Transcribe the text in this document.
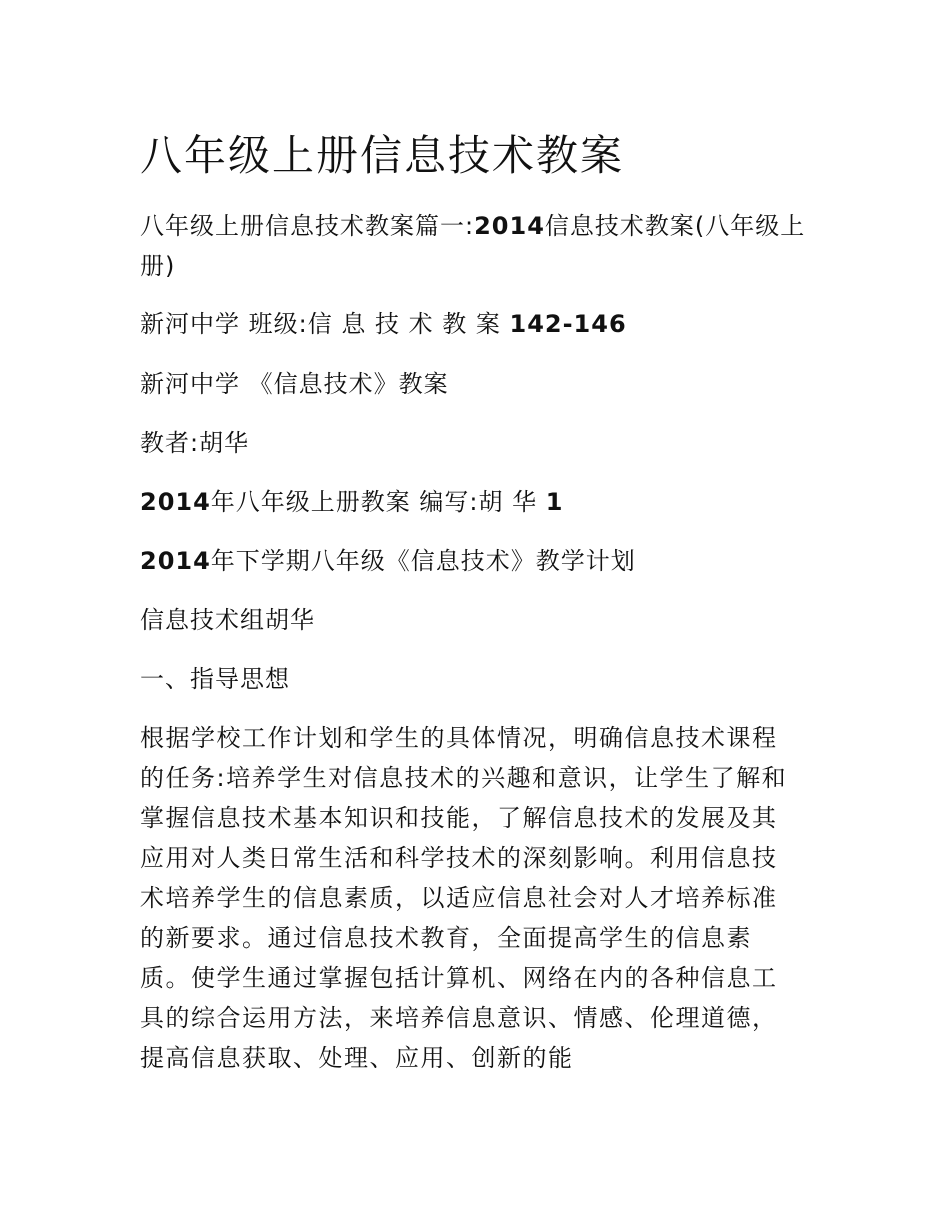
八年级上册信息技术教案

八年级上册信息技术教案篇一:2014信息技术教案(八年级上册)

新河中学 班级:信 息 技 术 教 案 142-146

新河中学 《信息技术》教案

教者:胡华

2014年八年级上册教案 编写:胡 华 1

2014年下学期八年级《信息技术》教学计划

信息技术组胡华

一、指导思想

根据学校工作计划和学生的具体情况，明确信息技术课程的任务:培养学生对信息技术的兴趣和意识，让学生了解和掌握信息技术基本知识和技能，了解信息技术的发展及其应用对人类日常生活和科学技术的深刻影响。利用信息技术培养学生的信息素质，以适应信息社会对人才培养标准的新要求。通过信息技术教育，全面提高学生的信息素质。使学生通过掌握包括计算机、网络在内的各种信息工具的综合运用方法，来培养信息意识、情感、伦理道德，提高信息获取、处理、应用、创新的能
